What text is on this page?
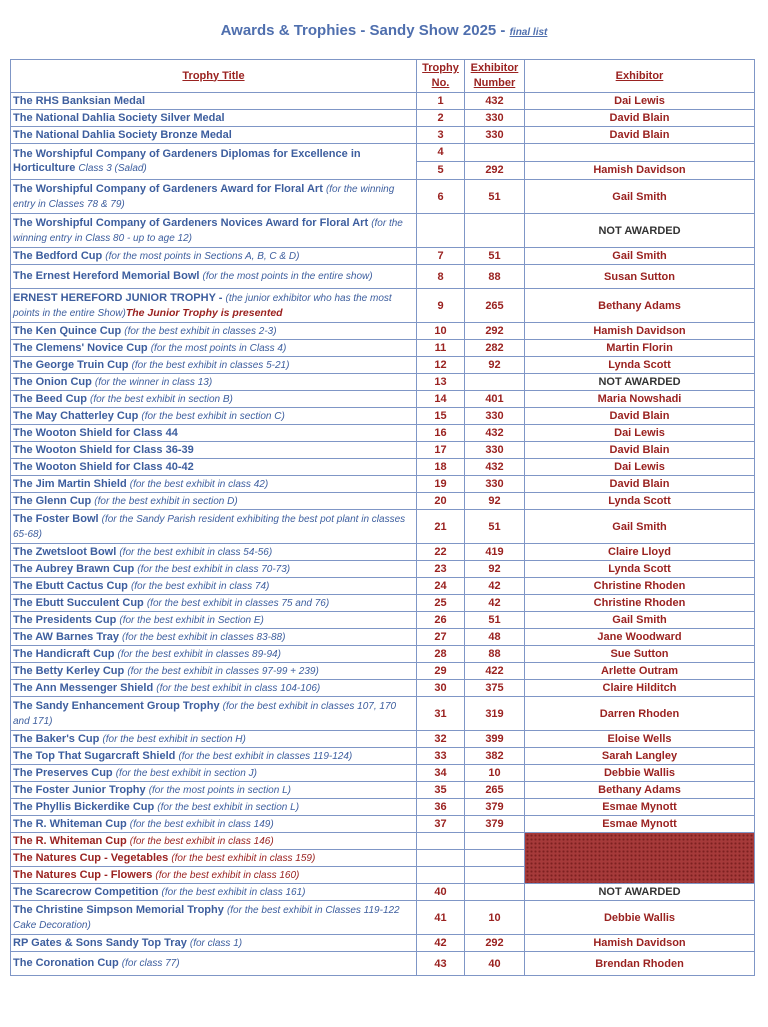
Awards & Trophies - Sandy Show 2025 - final list
Trophy Title	Trophy No.	Exhibitor Number	Exhibitor
The RHS Banksian Medal	1	432	Dai Lewis
The National Dahlia Society Silver Medal	2	330	David Blain
The National Dahlia Society Bronze Medal	3	330	David Blain
The Worshipful Company of Gardeners Diplomas for Excellence in Horticulture Class 3 (Salad)	4
5	292	Hamish Davidson

The Worshipful Company of Gardeners Award for Floral Art (for the winning entry in Classes 78 & 79)	6	51	Gail Smith
The Worshipful Company of Gardeners Novices Award for Floral Art (for the winning entry in Class 80 - up to age 12)			NOT AWARDED
The Bedford Cup (for the most points in Sections A, B, C & D)	7	51	Gail Smith
The Ernest Hereford Memorial Bowl (for the most points in the entire show)	8	88	Susan Sutton
ERNEST HEREFORD JUNIOR TROPHY - (the junior exhibitor who has the most points in the entire Show)The Junior Trophy is presented	9	265	Bethany Adams
The Ken Quince Cup (for the best exhibit in classes 2-3)	10	292	Hamish Davidson
The Clemens' Novice Cup (for the most points in Class 4)	11	282	Martin Florin
The George Truin Cup (for the best exhibit in classes 5-21)	12	92	Lynda Scott
The Onion Cup (for the winner in class 13)	13		NOT AWARDED
The Beed Cup (for the best exhibit in section B)	14	401	Maria Nowshadi
The May Chatterley Cup (for the best exhibit in section C)	15	330	David Blain
The Wooton Shield for Class 44	16	432	Dai Lewis
The Wooton Shield for Class 36-39	17	330	David Blain
The Wooton Shield for Class 40-42	18	432	Dai Lewis
The Jim Martin Shield (for the best exhibit in class 42)	19	330	David Blain
The Glenn Cup (for the best exhibit in section D)	20	92	Lynda Scott
The Foster Bowl (for the Sandy Parish resident exhibiting the best pot plant in classes 65-68)	21	51	Gail Smith
The Zwetsloot Bowl (for the best exhibit in class 54-56)	22	419	Claire Lloyd
The Aubrey Brawn Cup (for the best exhibit in class 70-73)	23	92	Lynda Scott
The Ebutt Cactus Cup (for the best exhibit in class 74)	24	42	Christine Rhoden
The Ebutt Succulent Cup (for the best exhibit in classes 75 and 76)	25	42	Christine Rhoden
The Presidents Cup (for the best exhibit in Section E)	26	51	Gail Smith
The AW Barnes Tray (for the best exhibit in classes 83-88)	27	48	Jane Woodward
The Handicraft Cup (for the best exhibit in classes 89-94)	28	88	Sue Sutton
The Betty Kerley Cup (for the best exhibit in classes 97-99 + 239)	29	422	Arlette Outram
The Ann Messenger Shield (for the best exhibit in class 104-106)	30	375	Claire Hilditch
The Sandy Enhancement Group Trophy (for the best exhibit in classes 107, 170 and 171)	31	319	Darren Rhoden
The Baker's Cup (for the best exhibit in section H)	32	399	Eloise Wells
The Top That Sugarcraft Shield (for the best exhibit in classes 119-124)	33	382	Sarah Langley
The Preserves Cup (for the best exhibit in section J)	34	10	Debbie Wallis
The Foster Junior Trophy (for the most points in section L)	35	265	Bethany Adams
The Phyllis Bickerdike Cup (for the best exhibit in section L)	36	379	Esmae Mynott
The R. Whiteman Cup (for the best exhibit in class 149)	37	379	Esmae Mynott
The R. Whiteman Cup (for the best exhibit in class 146)			
The Natures Cup - Vegetables (for the best exhibit in class 159)			
The Natures Cup - Flowers (for the best exhibit in class 160)			
The Scarecrow Competition (for the best exhibit in class 161)	40		NOT AWARDED
The Christine Simpson Memorial Trophy (for the best exhibit in Classes 119-122 Cake Decoration)	41	10	Debbie Wallis
RP Gates & Sons Sandy Top Tray (for class 1)	42	292	Hamish Davidson
The Coronation Cup (for class 77)	43	40	Brendan Rhoden
